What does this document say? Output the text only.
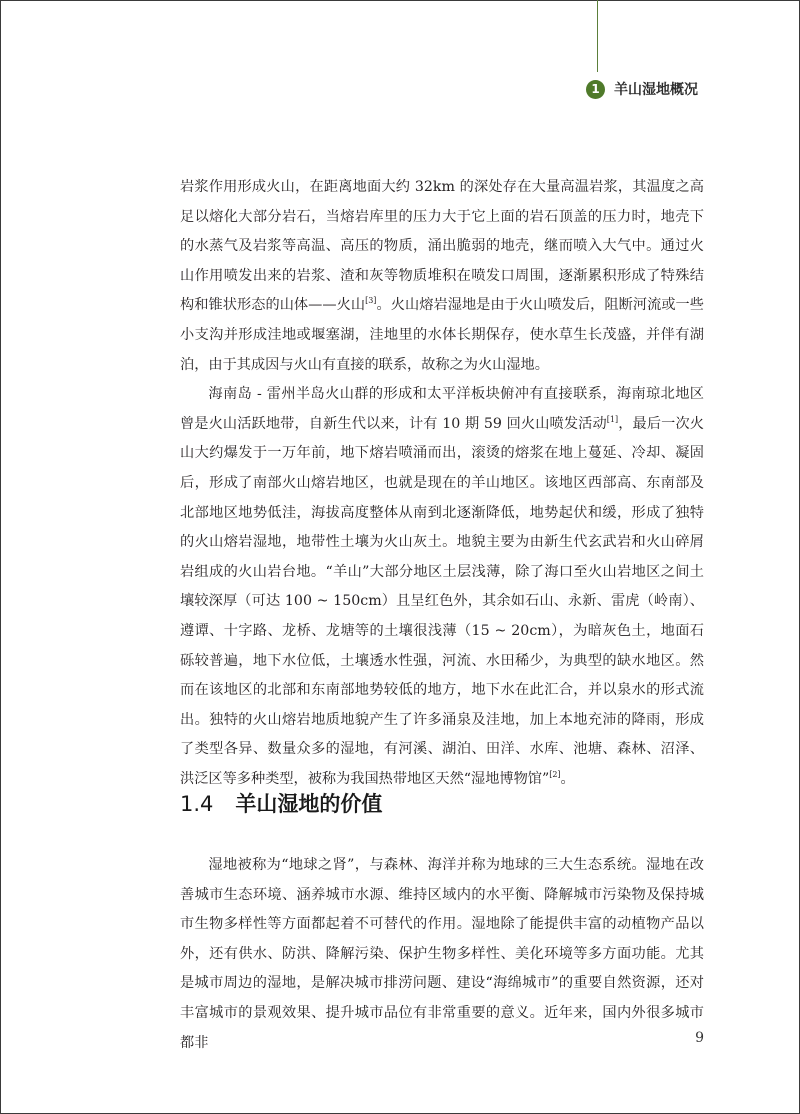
1	羊山湿地概况

岩浆作用形成火山，在距离地面大约 32km 的深处存在大量高温岩浆，其温度之高足以熔化大部分岩石，当熔岩库里的压力大于它上面的岩石顶盖的压力时，地壳下的水蒸气及岩浆等高温、高压的物质，涌出脆弱的地壳，继而喷入大气中。通过火山作用喷发出来的岩浆、渣和灰等物质堆积在喷发口周围，逐渐累积形成了特殊结构和锥状形态的山体——火山[3]。火山熔岩湿地是由于火山喷发后，阻断河流或一些小支沟并形成洼地或堰塞湖，洼地里的水体长期保存，使水草生长茂盛，并伴有湖泊，由于其成因与火山有直接的联系，故称之为火山湿地。

海南岛 - 雷州半岛火山群的形成和太平洋板块俯冲有直接联系，海南琼北地区曾是火山活跃地带，自新生代以来，计有 10 期 59 回火山喷发活动[1]，最后一次火山大约爆发于一万年前，地下熔岩喷涌而出，滚烫的熔浆在地上蔓延、冷却、凝固后，形成了南部火山熔岩地区，也就是现在的羊山地区。该地区西部高、东南部及北部地区地势低洼，海拔高度整体从南到北逐渐降低，地势起伏和缓，形成了独特的火山熔岩湿地，地带性土壤为火山灰土。地貌主要为由新生代玄武岩和火山碎屑岩组成的火山岩台地。“羊山”大部分地区土层浅薄，除了海口至火山岩地区之间土壤较深厚（可达 100 ~ 150cm）且呈红色外，其余如石山、永新、雷虎（岭南）、遵谭、十字路、龙桥、龙塘等的土壤很浅薄（15 ~ 20cm），为暗灰色土，地面石砾较普遍，地下水位低，土壤透水性强，河流、水田稀少，为典型的缺水地区。然而在该地区的北部和东南部地势较低的地方，地下水在此汇合，并以泉水的形式流出。独特的火山熔岩地质地貌产生了许多涌泉及洼地，加上本地充沛的降雨，形成了类型各异、数量众多的湿地，有河溪、湖泊、田洋、水库、池塘、森林、沼泽、洪泛区等多种类型，被称为我国热带地区天然“湿地博物馆”[2]。

1.4 羊山湿地的价值

湿地被称为“地球之肾”，与森林、海洋并称为地球的三大生态系统。湿地在改善城市生态环境、涵养城市水源、维持区域内的水平衡、降解城市污染物及保持城市生物多样性等方面都起着不可替代的作用。湿地除了能提供丰富的动植物产品以外，还有供水、防洪、降解污染、保护生物多样性、美化环境等多方面功能。尤其是城市周边的湿地，是解决城市排涝问题、建设“海绵城市”的重要自然资源，还对丰富城市的景观效果、提升城市品位有非常重要的意义。近年来，国内外很多城市都非	9
